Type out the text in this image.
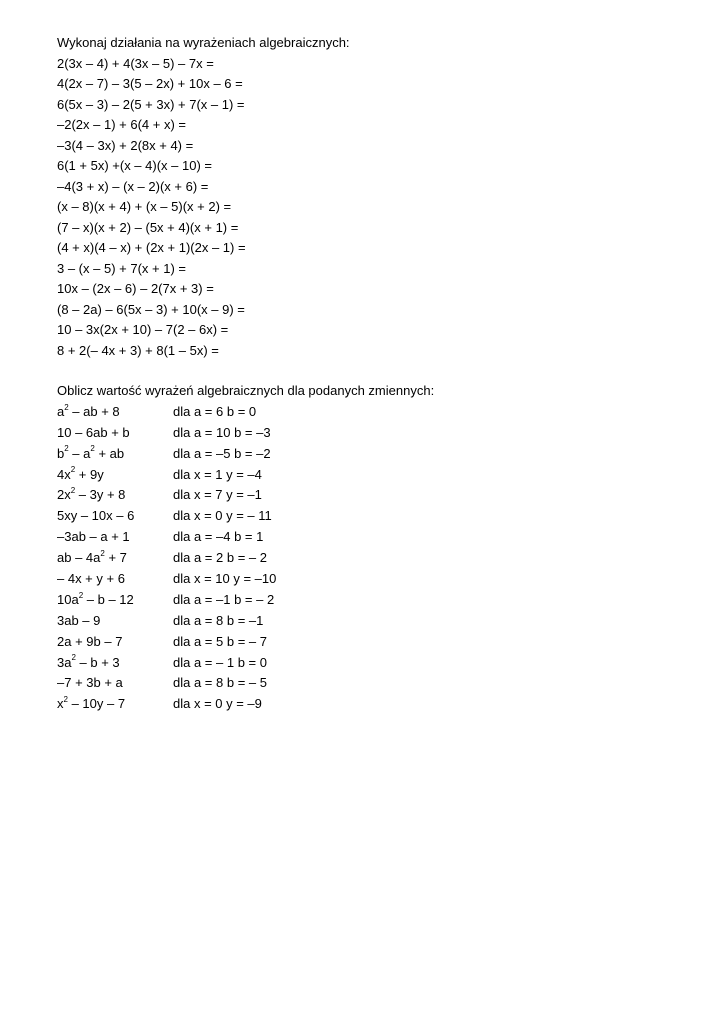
Wykonaj działania na wyrażeniach algebraicznych:
2(3x – 4) + 4(3x – 5) – 7x =
4(2x – 7) – 3(5 – 2x) + 10x – 6 =
6(5x – 3) – 2(5 + 3x) + 7(x – 1) =
–2(2x – 1) + 6(4 + x) =
–3(4 – 3x) + 2(8x + 4) =
6(1 + 5x) +(x – 4)(x – 10) =
–4(3 + x) – (x – 2)(x + 6) =
(x – 8)(x + 4) + (x – 5)(x + 2) =
(7 – x)(x + 2) – (5x + 4)(x + 1) =
(4 + x)(4 – x) + (2x + 1)(2x – 1) =
3 – (x – 5) + 7(x + 1) =
10x – (2x – 6) – 2(7x + 3) =
(8 – 2a) – 6(5x – 3) + 10(x – 9) =
10 – 3x(2x + 10) – 7(2 – 6x) =
8 + 2(– 4x + 3) + 8(1 – 5x) =
Oblicz wartość wyrażeń algebraicznych dla podanych zmiennych:
$a^2$ – ab + 8	dla a = 6 b = 0
10 – 6ab + b	dla a = 10 b = –3
$b^2 - a^2$ + ab	dla a = –5 b = –2
$4x^2 + 9y$	dla x = 1 y = –4
$2x^2 - 3y + 8$	dla x = 7 y = –1
5xy – 10x – 6	dla x = 0 y = – 11
–3ab – a + 1	dla a = –4 b = 1
ab – $4a^2 + 7$	dla a = 2 b = – 2
– 4x + y + 6	dla x = 10 y = –10
$10a^2$ – b – 12	dla a = –1 b = – 2
3ab – 9	dla a = 8 b = –1
2a + 9b – 7	dla a = 5 b = – 7
$3a^2 - b + 3$	dla a = – 1 b = 0
–7 + 3b + a	dla a = 8 b = – 5
$x^2 - 10y - 7$	dla x = 0 y = –9
